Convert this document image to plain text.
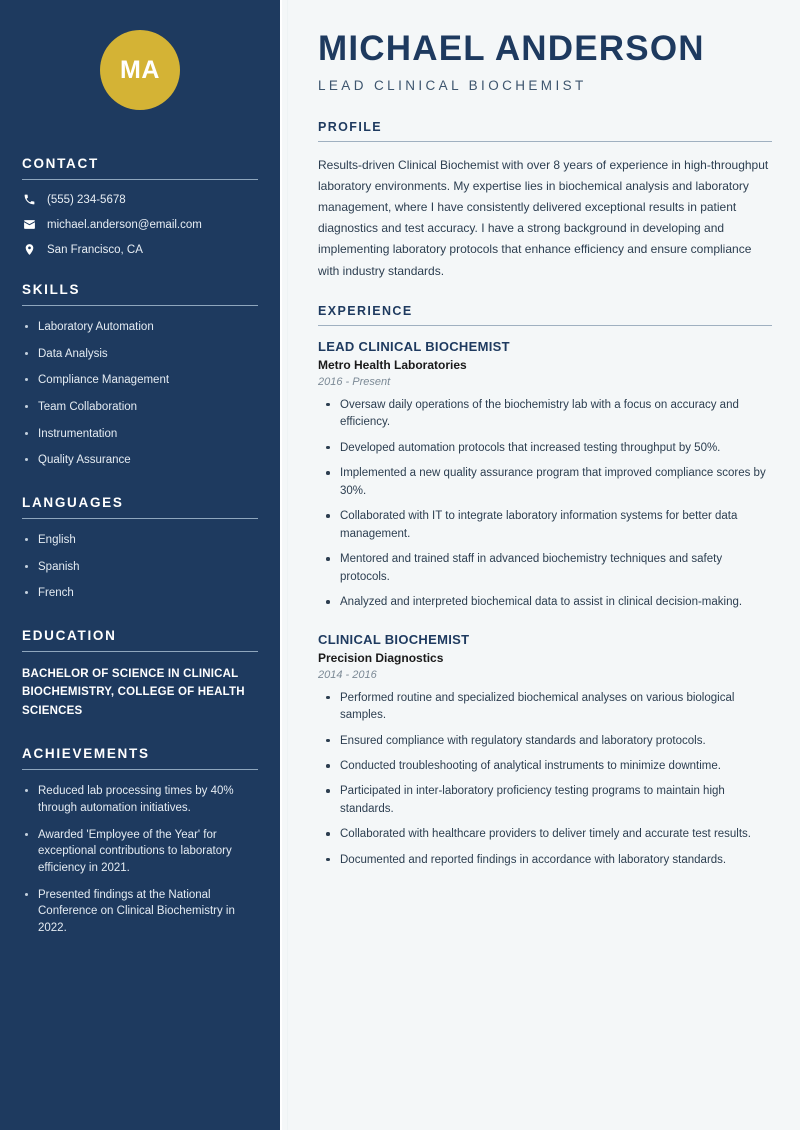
MA
CONTACT
(555) 234-5678
michael.anderson@email.com
San Francisco, CA
SKILLS
Laboratory Automation
Data Analysis
Compliance Management
Team Collaboration
Instrumentation
Quality Assurance
LANGUAGES
English
Spanish
French
EDUCATION
BACHELOR OF SCIENCE IN CLINICAL BIOCHEMISTRY, COLLEGE OF HEALTH SCIENCES
ACHIEVEMENTS
Reduced lab processing times by 40% through automation initiatives.
Awarded 'Employee of the Year' for exceptional contributions to laboratory efficiency in 2021.
Presented findings at the National Conference on Clinical Biochemistry in 2022.
MICHAEL ANDERSON
LEAD CLINICAL BIOCHEMIST
PROFILE

Results-driven Clinical Biochemist with over 8 years of experience in high-throughput laboratory environments. My expertise lies in biochemical analysis and laboratory management, where I have consistently delivered exceptional results in patient diagnostics and test accuracy. I have a strong background in developing and implementing laboratory protocols that enhance efficiency and ensure compliance with industry standards.

EXPERIENCE
LEAD CLINICAL BIOCHEMIST
Metro Health Laboratories
2016 - Present
Oversaw daily operations of the biochemistry lab with a focus on accuracy and efficiency.
Developed automation protocols that increased testing throughput by 50%.
Implemented a new quality assurance program that improved compliance scores by 30%.
Collaborated with IT to integrate laboratory information systems for better data management.
Mentored and trained staff in advanced biochemistry techniques and safety protocols.
Analyzed and interpreted biochemical data to assist in clinical decision-making.
CLINICAL BIOCHEMIST
Precision Diagnostics
2014 - 2016
Performed routine and specialized biochemical analyses on various biological samples.
Ensured compliance with regulatory standards and laboratory protocols.
Conducted troubleshooting of analytical instruments to minimize downtime.
Participated in inter-laboratory proficiency testing programs to maintain high standards.
Collaborated with healthcare providers to deliver timely and accurate test results.
Documented and reported findings in accordance with laboratory standards.
